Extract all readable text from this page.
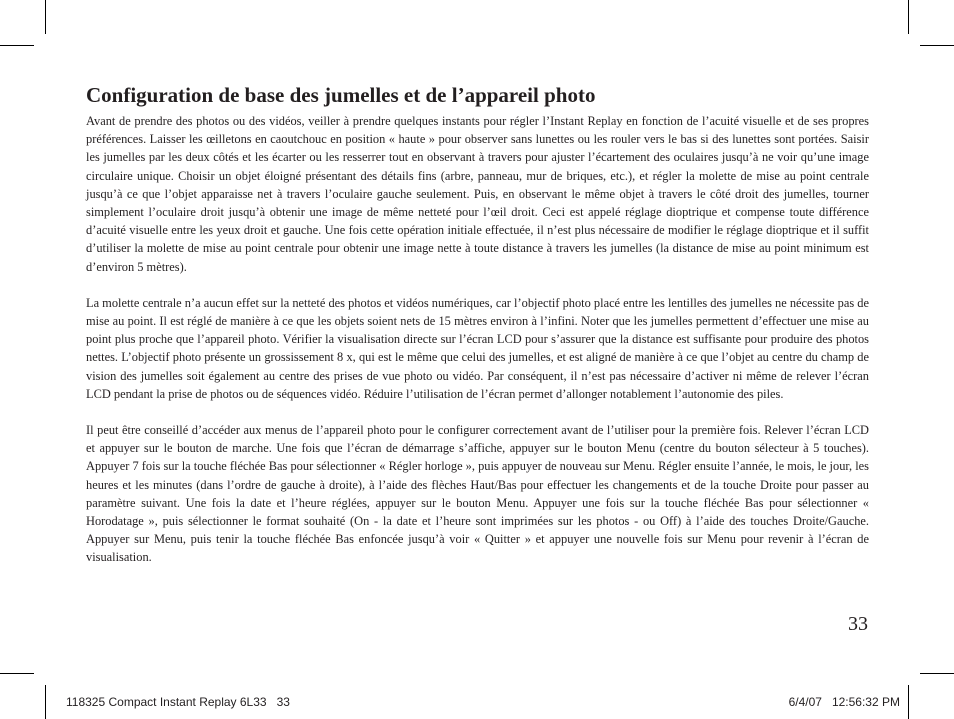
Configuration de base des jumelles et de l’appareil photo

Avant de prendre des photos ou des vidéos, veiller à prendre quelques instants pour régler l’Instant Replay en fonction de l’acuité visuelle et de ses propres préférences. Laisser les œilletons en caoutchouc en position « haute » pour observer sans lunettes ou les rouler vers le bas si des lunettes sont portées. Saisir les jumelles par les deux côtés et les écarter ou les resserrer tout en observant à travers pour ajuster l’écartement des oculaires jusqu’à ne voir qu’une image circulaire unique. Choisir un objet éloigné présentant des détails fins (arbre, panneau, mur de briques, etc.), et régler la molette de mise au point centrale jusqu’à ce que l’objet apparaisse net à travers l’oculaire gauche seulement. Puis, en observant le même objet à travers le côté droit des jumelles, tourner simplement l’oculaire droit jusqu’à obtenir une image de même netteté pour l’œil droit. Ceci est appelé réglage dioptrique et compense toute différence d’acuité visuelle entre les yeux droit et gauche. Une fois cette opération initiale effectuée, il n’est plus nécessaire de modifier le réglage dioptrique et il suffit d’utiliser la molette de mise au point centrale pour obtenir une image nette à toute distance à travers les jumelles (la distance de mise au point minimum est d’environ 5 mètres).

La molette centrale n’a aucun effet sur la netteté des photos et vidéos numériques, car l’objectif photo placé entre les lentilles des jumelles ne nécessite pas de mise au point. Il est réglé de manière à ce que les objets soient nets de 15 mètres environ à l’infini. Noter que les jumelles permettent d’effectuer une mise au point plus proche que l’appareil photo. Vérifier la visualisation directe sur l’écran LCD pour s’assurer que la distance est suffisante pour produire des photos nettes. L’objectif photo présente un grossissement 8 x, qui est le même que celui des jumelles, et est aligné de manière à ce que l’objet au centre du champ de vision des jumelles soit également au centre des prises de vue photo ou vidéo. Par conséquent, il n’est pas nécessaire d’activer ni même de relever l’écran LCD pendant la prise de photos ou de séquences vidéo. Réduire l’utilisation de l’écran permet d’allonger notablement l’autonomie des piles.

Il peut être conseillé d’accéder aux menus de l’appareil photo pour le configurer correctement avant de l’utiliser pour la première fois. Relever l’écran LCD et appuyer sur le bouton de marche. Une fois que l’écran de démarrage s’affiche, appuyer sur le bouton Menu (centre du bouton sélecteur à 5 touches). Appuyer 7 fois sur la touche fléchée Bas pour sélectionner « Régler horloge », puis appuyer de nouveau sur Menu. Régler ensuite l’année, le mois, le jour, les heures et les minutes (dans l’ordre de gauche à droite), à l’aide des flèches Haut/Bas pour effectuer les changements et de la touche Droite pour passer au paramètre suivant. Une fois la date et l’heure réglées, appuyer sur le bouton Menu. Appuyer une fois sur la touche fléchée Bas pour sélectionner « Horodatage », puis sélectionner le format souhaité (On - la date et l’heure sont imprimées sur les photos - ou Off) à l’aide des touches Droite/Gauche. Appuyer sur Menu, puis tenir la touche fléchée Bas enfoncée jusqu’à voir « Quitter » et appuyer une nouvelle fois sur Menu pour revenir à l’écran de visualisation.

33
118325 Compact Instant Replay 6L33   33	6/4/07   12:56:32 PM
